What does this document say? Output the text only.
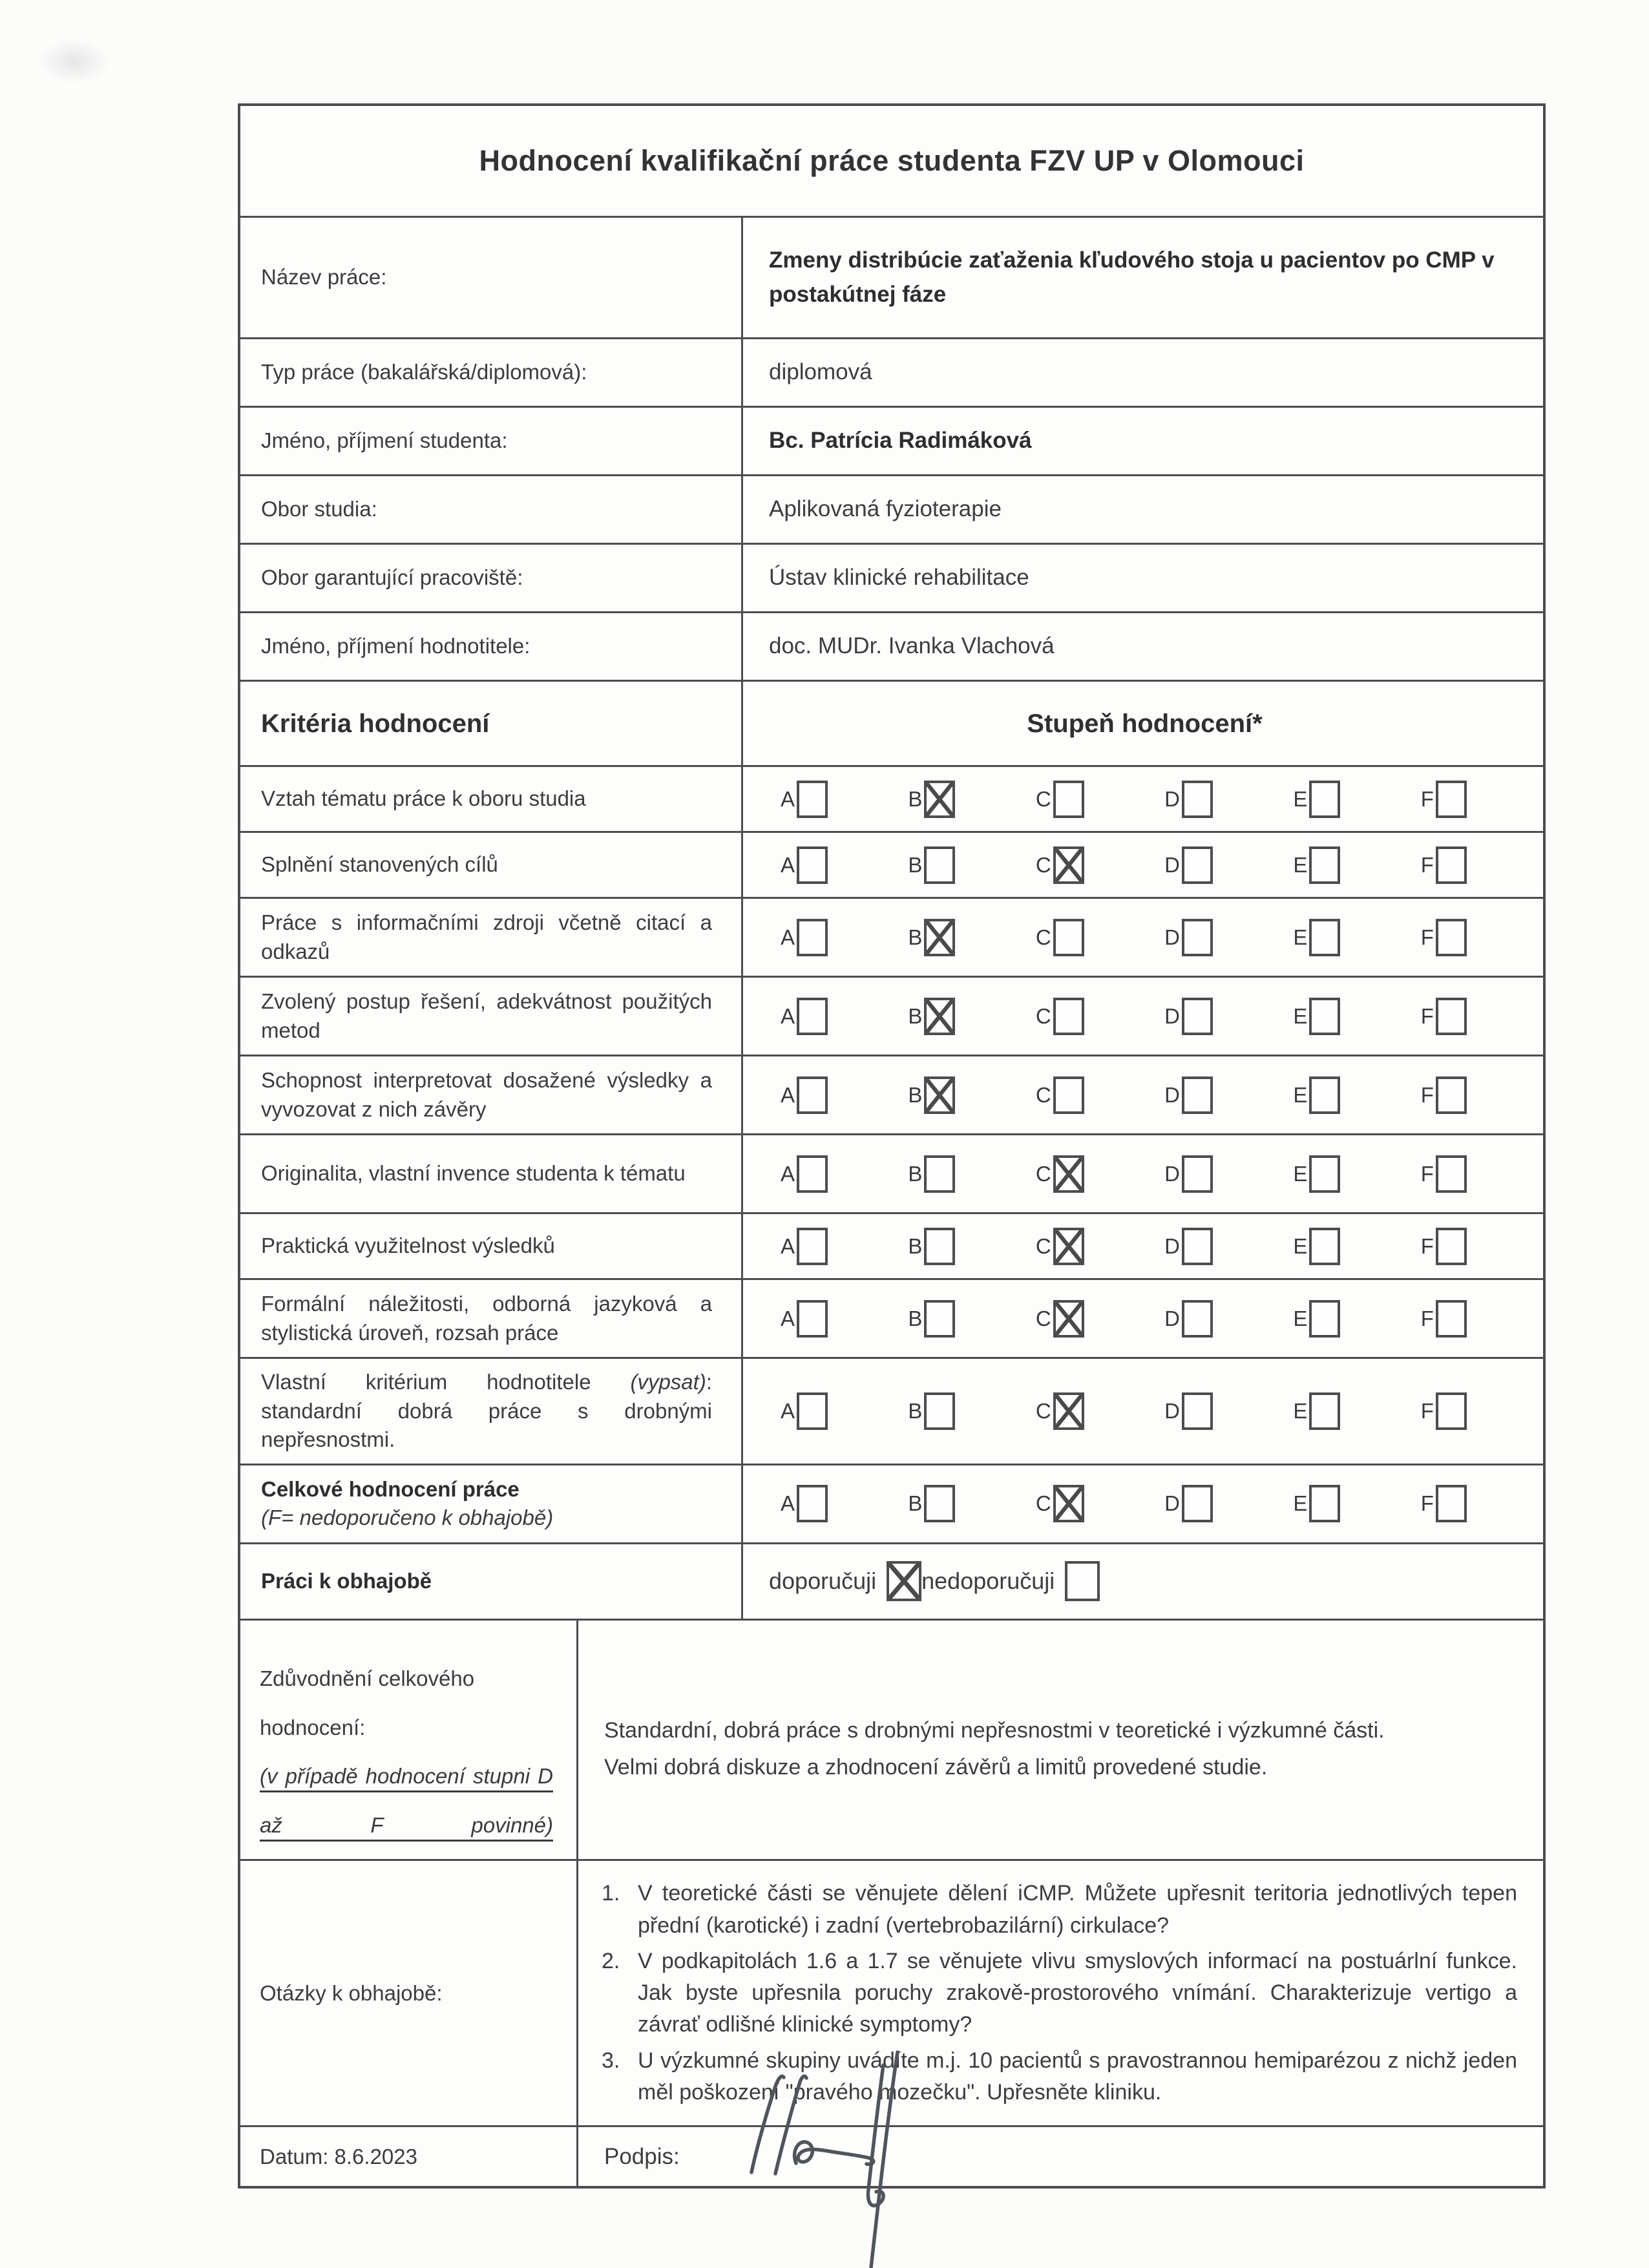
Hodnocení kvalifikační práce studenta FZV UP v Olomouci
Název práce:
Zmeny distribúcie zaťaženia kľudového stoja u pacientov po CMP v postakútnej fáze
Typ práce (bakalářská/diplomová):	diplomová
Jméno, příjmení studenta:	Bc. Patrícia Radimáková
Obor studia:	Aplikovaná fyzioterapie
Obor garantující pracoviště:	Ústav klinické rehabilitace
Jméno, příjmení hodnotitele:	doc. MUDr. Ivanka Vlachová
Kritéria hodnocení	Stupeň hodnocení*
Vztah tématu práce k oboru studia	A	B	C	D	E	F
Splnění stanovených cílů	A	B	C	D	E	F
Práce s informačními zdroji včetně citací a odkazů
A	B	C	D	E	F
Zvolený postup řešení, adekvátnost použitých metod
A	B	C	D	E	F
Schopnost interpretovat dosažené výsledky a vyvozovat z nich závěry
A	B	C	D	E	F
Originalita, vlastní invence studenta k tématu	A	B	C	D	E	F
Praktická využitelnost výsledků	A	B	C	D	E	F
Formální náležitosti, odborná jazyková a stylistická úroveň, rozsah práce
A	B	C	D	E	F
Vlastní kritérium hodnotitele (vypsat): standardní dobrá práce s drobnými nepřesnostmi.
A	B	C	D	E	F
Celkové hodnocení práce
(F= nedoporučeno k obhajobě)
A	B	C	D	E	F
Práci k obhajobě	doporučuji nedoporučuji
Zdůvodnění celkového hodnocení:
(v případě hodnocení stupni D až F povinné)
Standardní, dobrá práce s drobnými nepřesnostmi v teoretické i výzkumné části.
Velmi dobrá diskuze a zhodnocení závěrů a limitů provedené studie.
Otázky k obhajobě:
1. V teoretické části se věnujete dělení iCMP. Můžete upřesnit teritoria jednotlivých tepen přední (karotické) i zadní (vertebrobazilární) cirkulace?
2. V podkapitolách 1.6 a 1.7 se věnujete vlivu smyslových informací na postuárlní funkce. Jak byste upřesnila poruchy zrakově-prostorového vnímání. Charakterizuje vertigo a závrať odlišné klinické symptomy?
3. U výzkumné skupiny uvádíte m.j. 10 pacientů s pravostrannou hemiparézou z nichž jeden měl poškození "pravého mozečku". Upřesněte kliniku.
Datum: 8.6.2023	Podpis:
